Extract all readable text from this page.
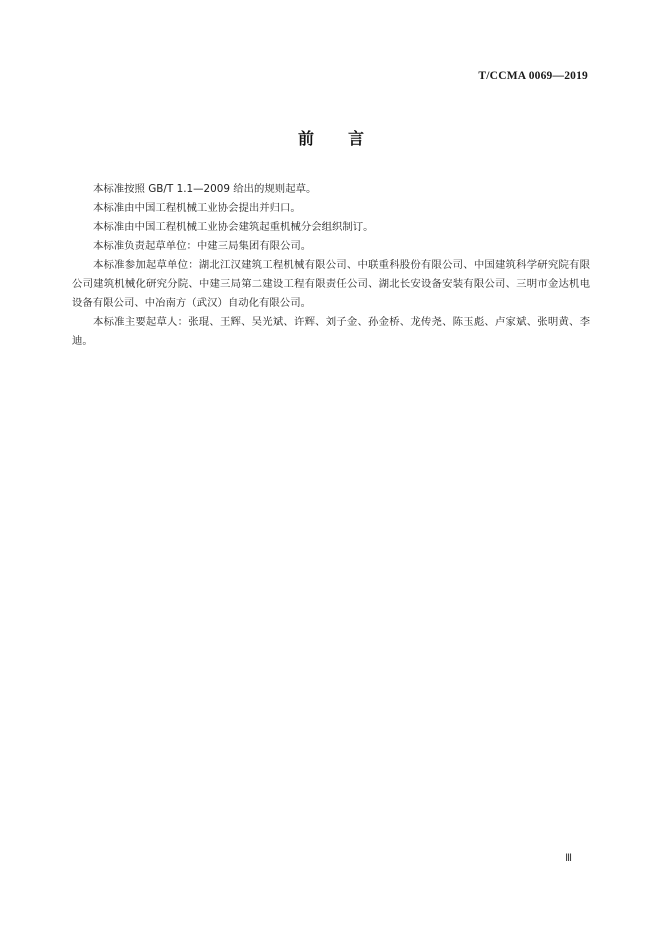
T/CCMA 0069—2019
前言

本标准按照 GB/T 1.1—2009 给出的规则起草。

本标准由中国工程机械工业协会提出并归口。

本标准由中国工程机械工业协会建筑起重机械分会组织制订。

本标准负责起草单位：中建三局集团有限公司。

本标准参加起草单位：湖北江汉建筑工程机械有限公司、中联重科股份有限公司、中国建筑科学研究院有限公司建筑机械化研究分院、中建三局第二建设工程有限责任公司、湖北长安设备安装有限公司、三明市金达机电设备有限公司、中冶南方（武汉）自动化有限公司。

本标准主要起草人：张琨、王辉、吴光斌、许辉、刘子金、孙金桥、龙传尧、陈玉彪、卢家斌、张明黄、李迪。

Ⅲ
